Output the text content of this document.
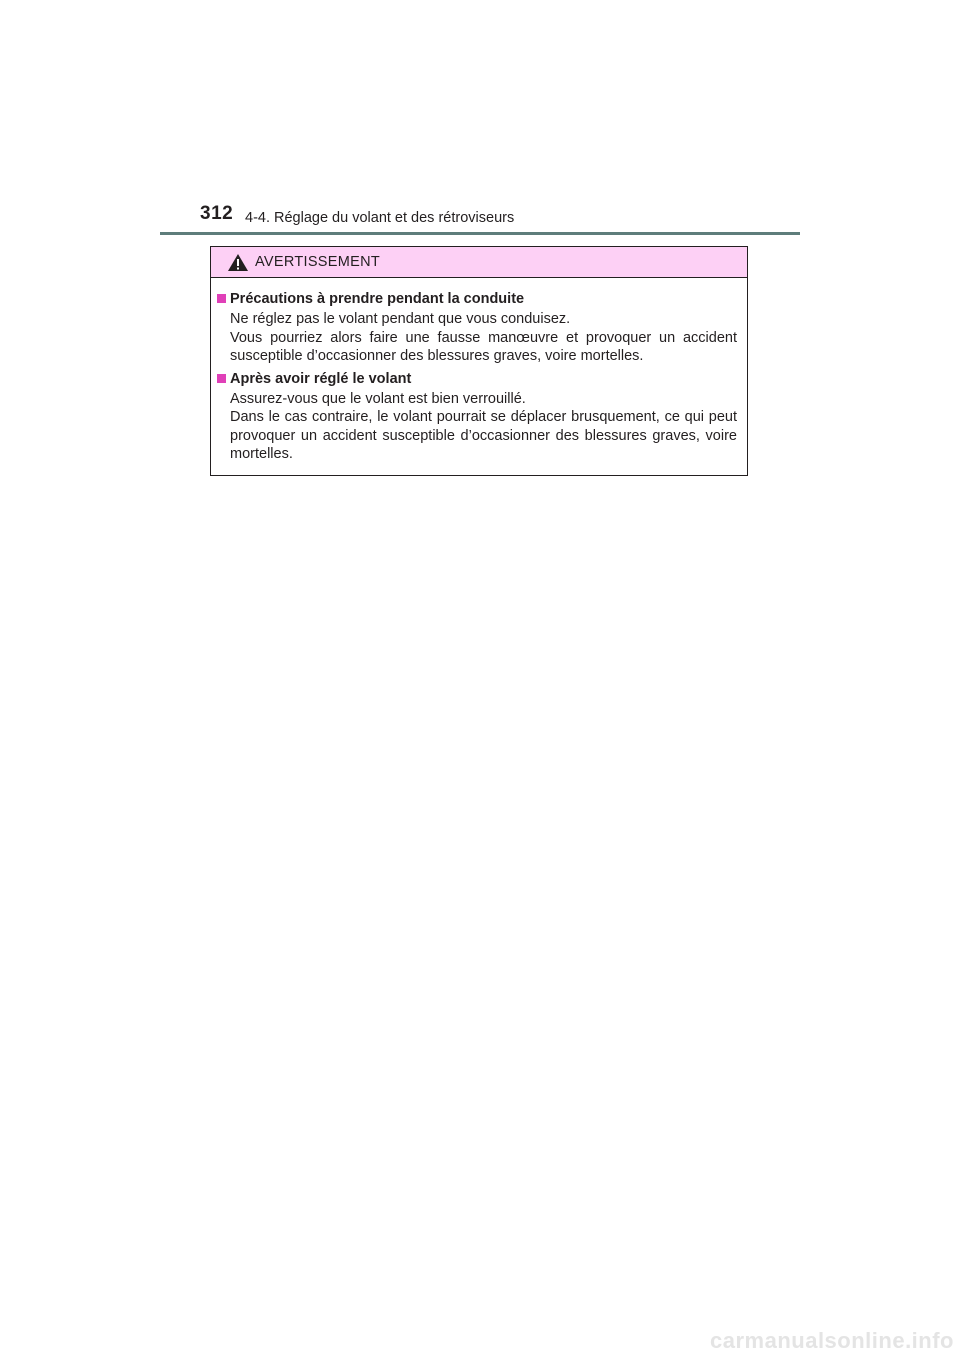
312 4-4. Réglage du volant et des rétroviseurs
AVERTISSEMENT
Précautions à prendre pendant la conduite

Ne réglez pas le volant pendant que vous conduisez.

Vous pourriez alors faire une fausse manœuvre et provoquer un accident susceptible d’occasionner des blessures graves, voire mortelles.

Après avoir réglé le volant

Assurez-vous que le volant est bien verrouillé.

Dans le cas contraire, le volant pourrait se déplacer brusquement, ce qui peut provoquer un accident susceptible d’occasionner des blessures graves, voire mortelles.

carmanualsonline.info
